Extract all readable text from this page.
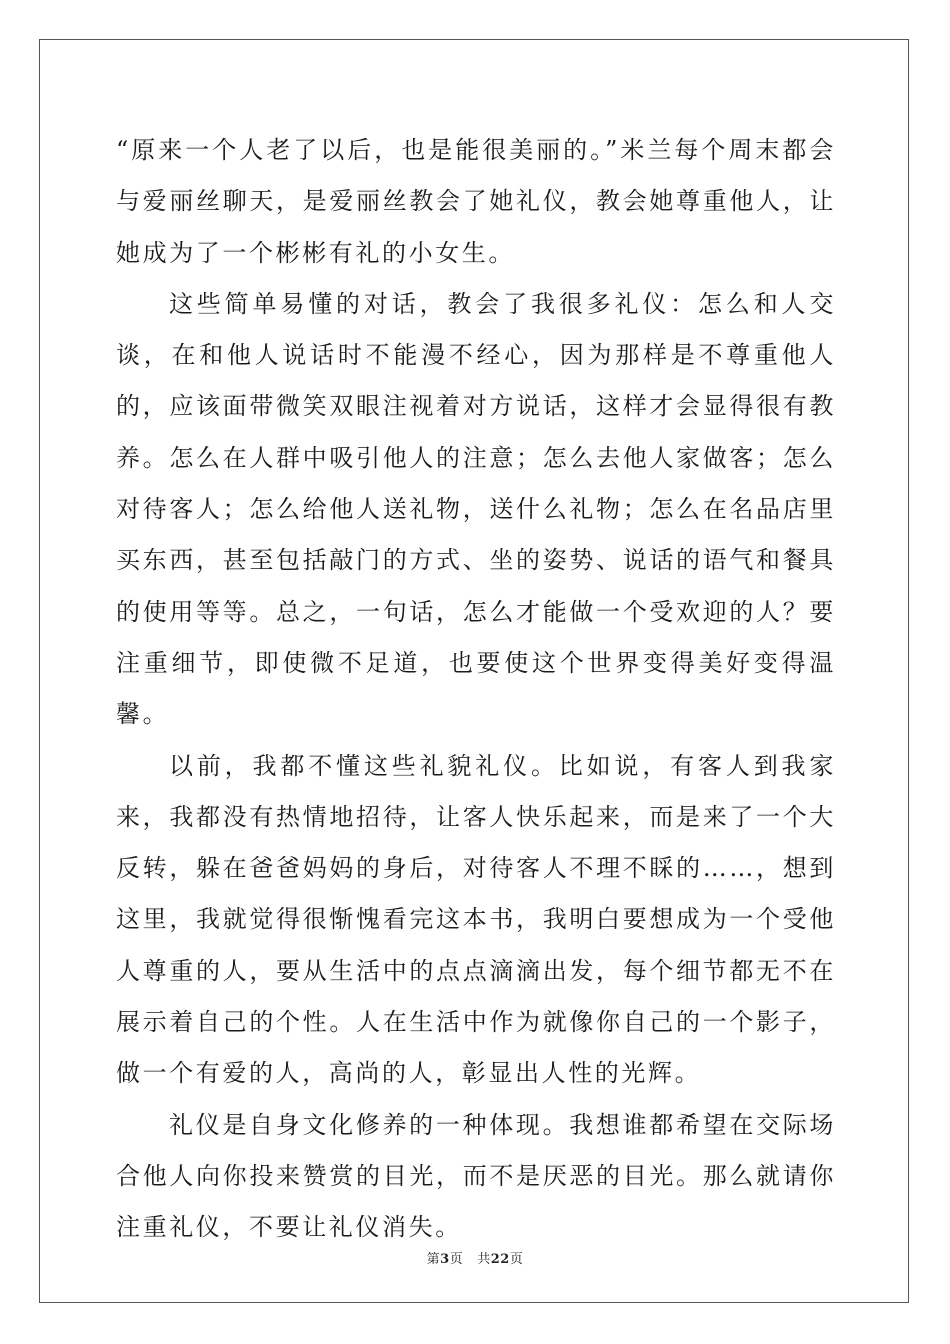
“原来一个人老了以后，也是能很美丽的。”米兰每个周末都会与爱丽丝聊天，是爱丽丝教会了她礼仪，教会她尊重他人，让她成为了一个彬彬有礼的小女生。

这些简单易懂的对话，教会了我很多礼仪：怎么和人交谈，在和他人说话时不能漫不经心，因为那样是不尊重他人的，应该面带微笑双眼注视着对方说话，这样才会显得很有教养。怎么在人群中吸引他人的注意；怎么去他人家做客；怎么对待客人；怎么给他人送礼物，送什么礼物；怎么在名品店里买东西，甚至包括敲门的方式、坐的姿势、说话的语气和餐具的使用等等。总之，一句话，怎么才能做一个受欢迎的人？要注重细节，即使微不足道，也要使这个世界变得美好变得温馨。

以前，我都不懂这些礼貌礼仪。比如说，有客人到我家来，我都没有热情地招待，让客人快乐起来，而是来了一个大反转，躲在爸爸妈妈的身后，对待客人不理不睬的……，想到这里，我就觉得很惭愧看完这本书，我明白要想成为一个受他人尊重的人，要从生活中的点点滴滴出发，每个细节都无不在展示着自己的个性。人在生活中作为就像你自己的一个影子，做一个有爱的人，高尚的人，彰显出人性的光辉。

礼仪是自身文化修养的一种体现。我想谁都希望在交际场合他人向你投来赞赏的目光，而不是厌恶的目光。那么就请你注重礼仪，不要让礼仪消失。

第3页 共22页
